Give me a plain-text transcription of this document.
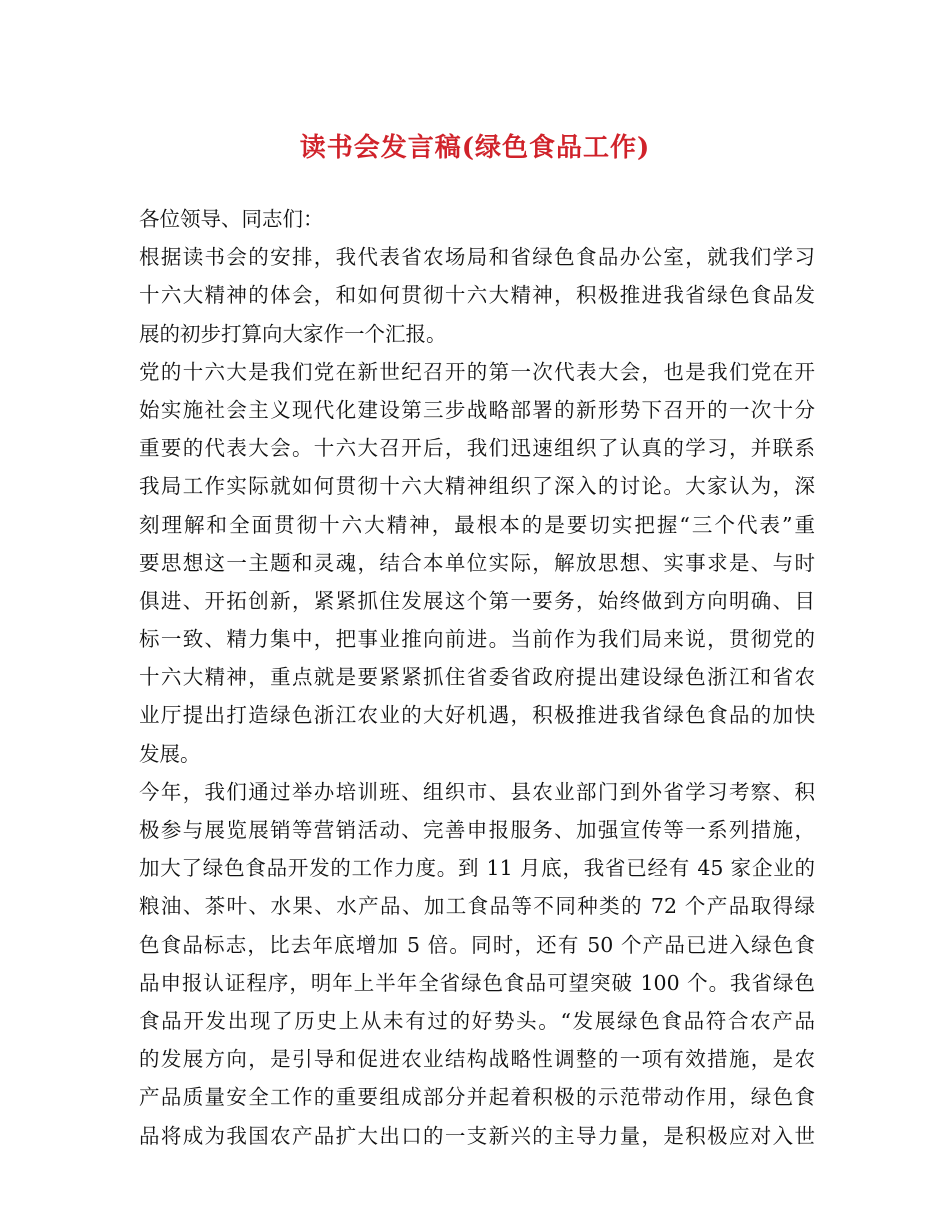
读书会发言稿(绿色食品工作)
各位领导、同志们：
根据读书会的安排，我代表省农场局和省绿色食品办公室，就我们学习
十六大精神的体会，和如何贯彻十六大精神，积极推进我省绿色食品发
展的初步打算向大家作一个汇报。
党的十六大是我们党在新世纪召开的第一次代表大会，也是我们党在开
始实施社会主义现代化建设第三步战略部署的新形势下召开的一次十分
重要的代表大会。十六大召开后，我们迅速组织了认真的学习，并联系
我局工作实际就如何贯彻十六大精神组织了深入的讨论。大家认为，深
刻理解和全面贯彻十六大精神，最根本的是要切实把握“三个代表”重
要思想这一主题和灵魂，结合本单位实际，解放思想、实事求是、与时
俱进、开拓创新，紧紧抓住发展这个第一要务，始终做到方向明确、目
标一致、精力集中，把事业推向前进。当前作为我们局来说，贯彻党的
十六大精神，重点就是要紧紧抓住省委省政府提出建设绿色浙江和省农
业厅提出打造绿色浙江农业的大好机遇，积极推进我省绿色食品的加快
发展。
今年，我们通过举办培训班、组织市、县农业部门到外省学习考察、积
极参与展览展销等营销活动、完善申报服务、加强宣传等一系列措施，
加大了绿色食品开发的工作力度。到 11 月底，我省已经有 45 家企业的
粮油、茶叶、水果、水产品、加工食品等不同种类的 72 个产品取得绿
色食品标志，比去年底增加 5 倍。同时，还有 50 个产品已进入绿色食
品申报认证程序，明年上半年全省绿色食品可望突破 100 个。我省绿色
食品开发出现了历史上从未有过的好势头。“发展绿色食品符合农产品
的发展方向，是引导和促进农业结构战略性调整的一项有效措施，是农
产品质量安全工作的重要组成部分并起着积极的示范带动作用，绿色食
品将成为我国农产品扩大出口的一支新兴的主导力量，是积极应对入世
